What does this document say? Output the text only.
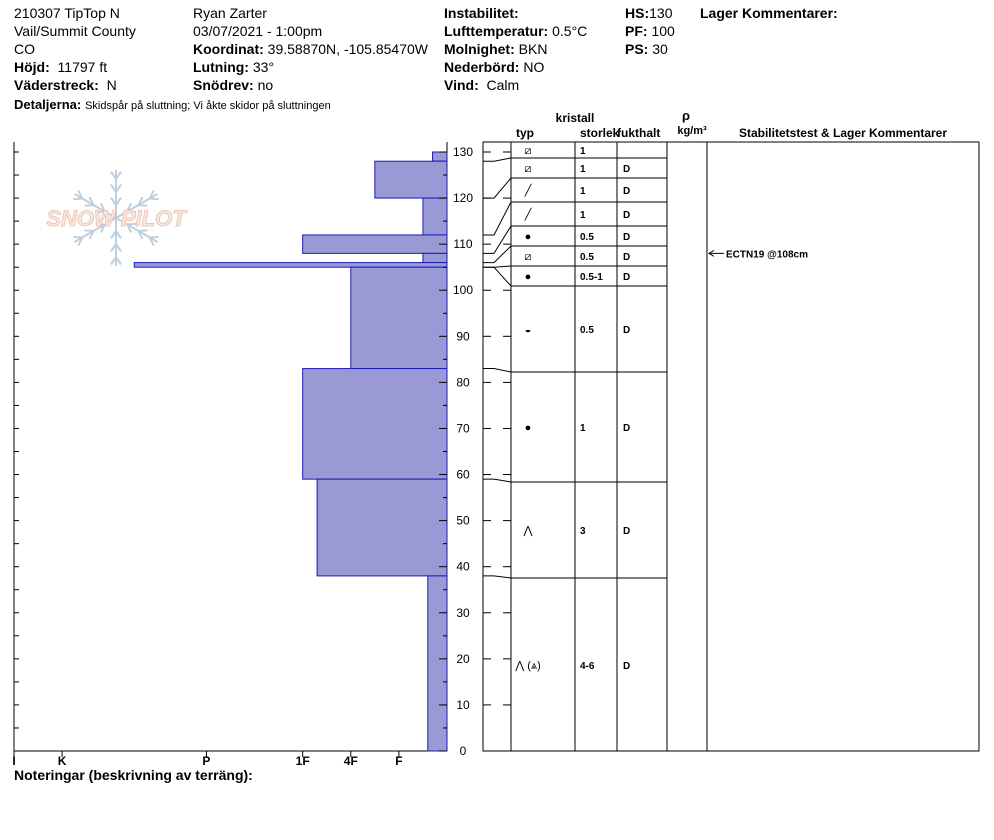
210307 TipTop N
Vail/Summit County
CO
Höjd: 11797 ft
Väderstreck: N
Ryan Zarter
03/07/2021 - 1:00pm
Koordinat: 39.58870N, -105.85470W
Lutning: 33°
Snödrev: no
Instabilitet:
Lufttemperatur: 0.5°C
Molnighet: BKN
Nederbörd: NO
Vind: Calm
HS:130
PF: 100
PS: 30
Lager Kommentarer:
Detaljerna: Skidspår på sluttning; Vi åkte skidor på sluttningen
SNOW PILOT
I	K	P	1F	4F	F
0
10
20
30
40
50
60
70
80
90
100
110
120
130	⧄	1
⧄	1	D
╱	1	D
╱	1	D
●	0.5	D
⧄	0.5	D
●	0.5-1 D
◒	0.5	D
●	1	D
⋀	3	D
⋀ (⩓)	4-6	D
ECTN19 @108cm
kristall
typ	storlek
fukthalt
ρ
kg/m³	Stabilitetstest & Lager Kommentarer
Noteringar (beskrivning av terräng):
